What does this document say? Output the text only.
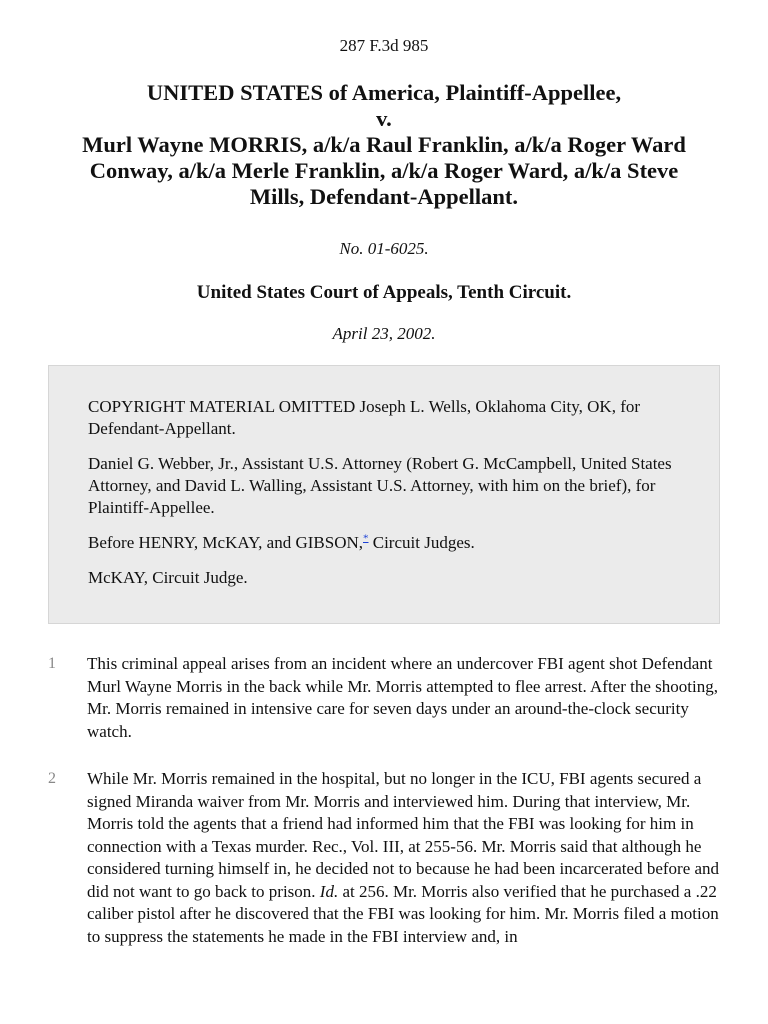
287 F.3d 985
UNITED STATES of America, Plaintiff-Appellee,
v.
Murl Wayne MORRIS, a/k/a Raul Franklin, a/k/a Roger Ward
Conway, a/k/a Merle Franklin, a/k/a Roger Ward, a/k/a Steve
Mills, Defendant-Appellant.
No. 01-6025.
United States Court of Appeals, Tenth Circuit.
April 23, 2002.

COPYRIGHT MATERIAL OMITTED Joseph L. Wells, Oklahoma City, OK, for Defendant-Appellant.

Daniel G. Webber, Jr., Assistant U.S. Attorney (Robert G. McCampbell, United States Attorney, and David L. Walling, Assistant U.S. Attorney, with him on the brief), for Plaintiff-Appellee.

Before HENRY, McKAY, and GIBSON,* Circuit Judges.

McKAY, Circuit Judge.

1	This criminal appeal arises from an incident where an undercover FBI agent shot Defendant Murl Wayne Morris in the back while Mr. Morris attempted to flee arrest. After the shooting, Mr. Morris remained in intensive care for seven days under an around-the-clock security watch.
2	While Mr. Morris remained in the hospital, but no longer in the ICU, FBI agents secured a signed Miranda waiver from Mr. Morris and interviewed him. During that interview, Mr. Morris told the agents that a friend had informed him that the FBI was looking for him in connection with a Texas murder. Rec., Vol. III, at 255-56. Mr. Morris said that although he considered turning himself in, he decided not to because he had been incarcerated before and did not want to go back to prison. Id. at 256. Mr. Morris also verified that he purchased a .22 caliber pistol after he discovered that the FBI was looking for him. Mr. Morris filed a motion to suppress the statements he made in the FBI interview and, in
